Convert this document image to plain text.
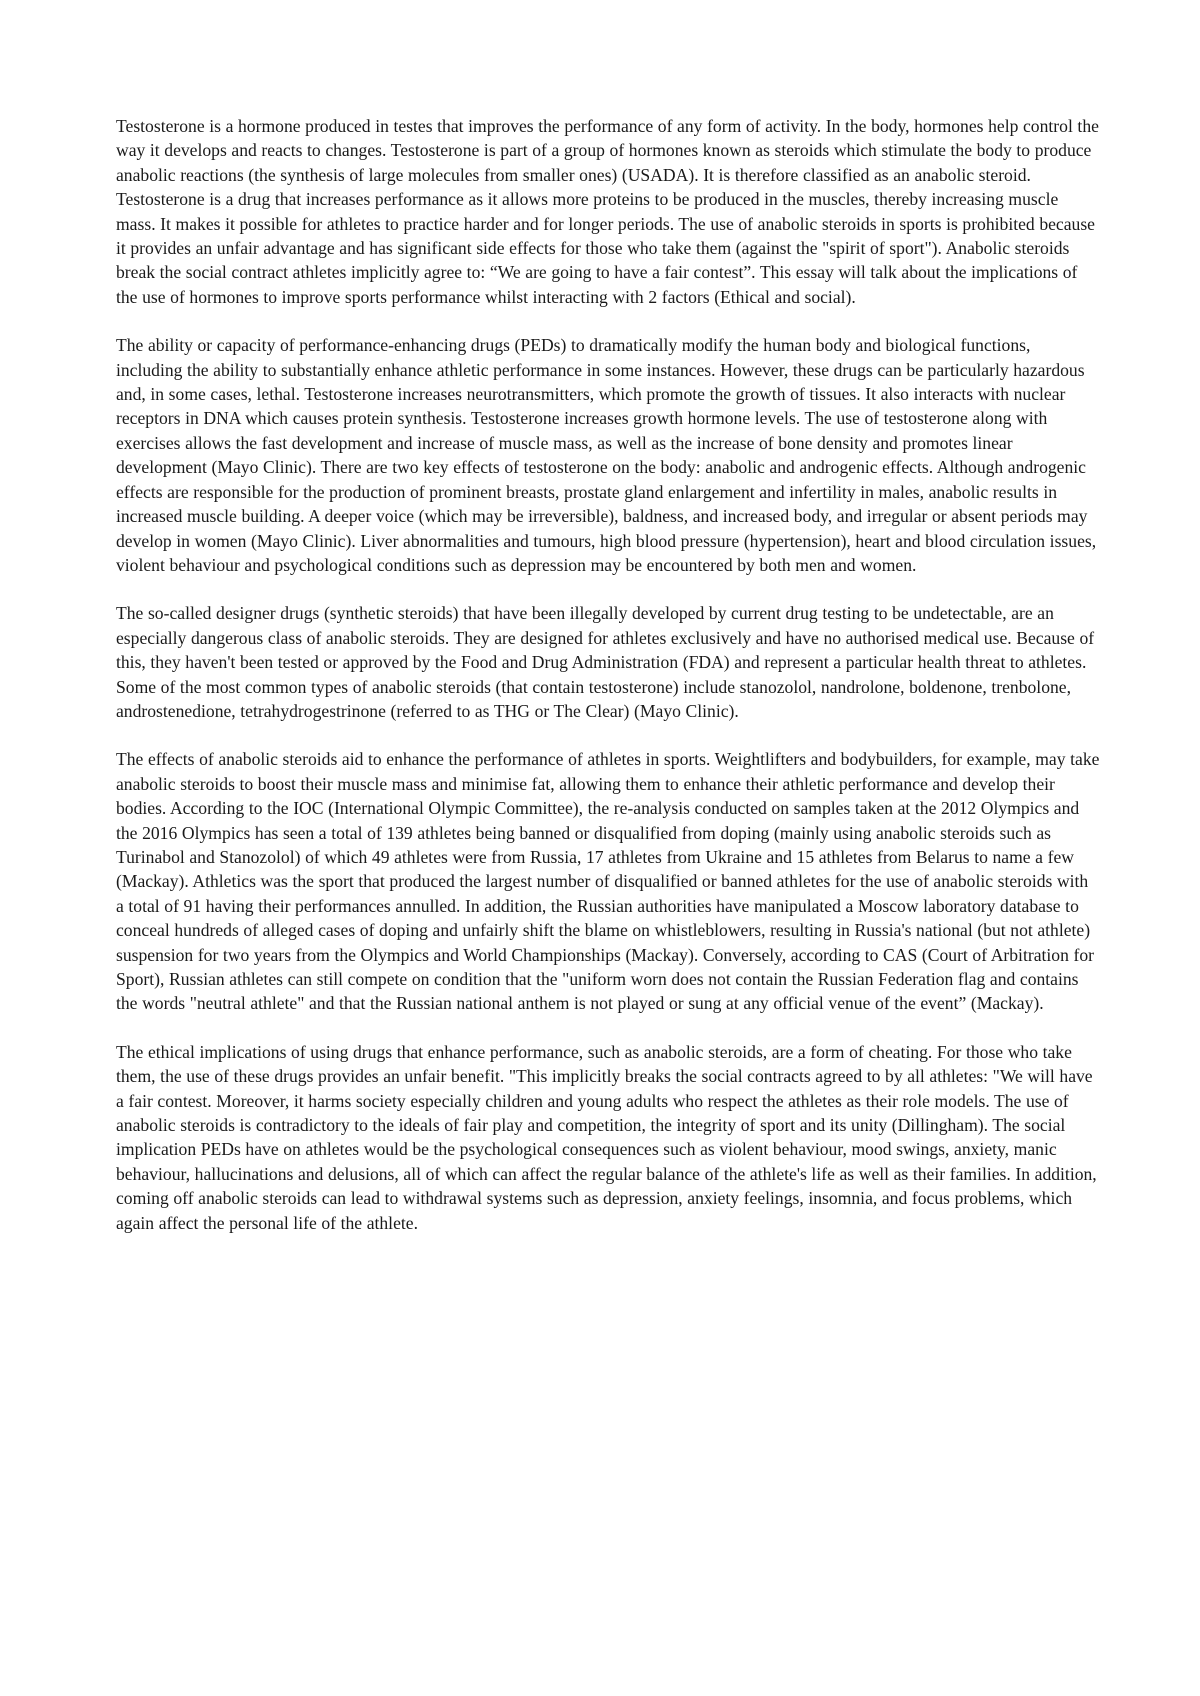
Testosterone is a hormone produced in testes that improves the performance of any form of activity. In the body, hormones help control the way it develops and reacts to changes. Testosterone is part of a group of hormones known as steroids which stimulate the body to produce anabolic reactions (the synthesis of large molecules from smaller ones) (USADA). It is therefore classified as an anabolic steroid. Testosterone is a drug that increases performance as it allows more proteins to be produced in the muscles, thereby increasing muscle mass. It makes it possible for athletes to practice harder and for longer periods. The use of anabolic steroids in sports is prohibited because it provides an unfair advantage and has significant side effects for those who take them (against the "spirit of sport"). Anabolic steroids break the social contract athletes implicitly agree to: “We are going to have a fair contest”. This essay will talk about the implications of the use of hormones to improve sports performance whilst interacting with 2 factors (Ethical and social).

The ability or capacity of performance-enhancing drugs (PEDs) to dramatically modify the human body and biological functions, including the ability to substantially enhance athletic performance in some instances. However, these drugs can be particularly hazardous and, in some cases, lethal. Testosterone increases neurotransmitters, which promote the growth of tissues. It also interacts with nuclear receptors in DNA which causes protein synthesis. Testosterone increases growth hormone levels. The use of testosterone along with exercises allows the fast development and increase of muscle mass, as well as the increase of bone density and promotes linear development (Mayo Clinic). There are two key effects of testosterone on the body: anabolic and androgenic effects. Although androgenic effects are responsible for the production of prominent breasts, prostate gland enlargement and infertility in males, anabolic results in increased muscle building. A deeper voice (which may be irreversible), baldness, and increased body, and irregular or absent periods may develop in women (Mayo Clinic). Liver abnormalities and tumours, high blood pressure (hypertension), heart and blood circulation issues, violent behaviour and psychological conditions such as depression may be encountered by both men and women.

The so-called designer drugs (synthetic steroids) that have been illegally developed by current drug testing to be undetectable, are an especially dangerous class of anabolic steroids. They are designed for athletes exclusively and have no authorised medical use. Because of this, they haven't been tested or approved by the Food and Drug Administration (FDA) and represent a particular health threat to athletes. Some of the most common types of anabolic steroids (that contain testosterone) include stanozolol, nandrolone, boldenone, trenbolone, androstenedione, tetrahydrogestrinone (referred to as THG or The Clear) (Mayo Clinic).

The effects of anabolic steroids aid to enhance the performance of athletes in sports. Weightlifters and bodybuilders, for example, may take anabolic steroids to boost their muscle mass and minimise fat, allowing them to enhance their athletic performance and develop their bodies. According to the IOC (International Olympic Committee), the re-analysis conducted on samples taken at the 2012 Olympics and the 2016 Olympics has seen a total of 139 athletes being banned or disqualified from doping (mainly using anabolic steroids such as Turinabol and Stanozolol) of which 49 athletes were from Russia, 17 athletes from Ukraine and 15 athletes from Belarus to name a few (Mackay). Athletics was the sport that produced the largest number of disqualified or banned athletes for the use of anabolic steroids with a total of 91 having their performances annulled. In addition, the Russian authorities have manipulated a Moscow laboratory database to conceal hundreds of alleged cases of doping and unfairly shift the blame on whistleblowers, resulting in Russia's national (but not athlete) suspension for two years from the Olympics and World Championships (Mackay). Conversely, according to CAS (Court of Arbitration for Sport), Russian athletes can still compete on condition that the "uniform worn does not contain the Russian Federation flag and contains the words "neutral athlete" and that the Russian national anthem is not played or sung at any official venue of the event” (Mackay).

The ethical implications of using drugs that enhance performance, such as anabolic steroids, are a form of cheating. For those who take them, the use of these drugs provides an unfair benefit. "This implicitly breaks the social contracts agreed to by all athletes: "We will have a fair contest. Moreover, it harms society especially children and young adults who respect the athletes as their role models. The use of anabolic steroids is contradictory to the ideals of fair play and competition, the integrity of sport and its unity (Dillingham). The social implication PEDs have on athletes would be the psychological consequences such as violent behaviour, mood swings, anxiety, manic behaviour, hallucinations and delusions, all of which can affect the regular balance of the athlete's life as well as their families. In addition, coming off anabolic steroids can lead to withdrawal systems such as depression, anxiety feelings, insomnia, and focus problems, which again affect the personal life of the athlete.
